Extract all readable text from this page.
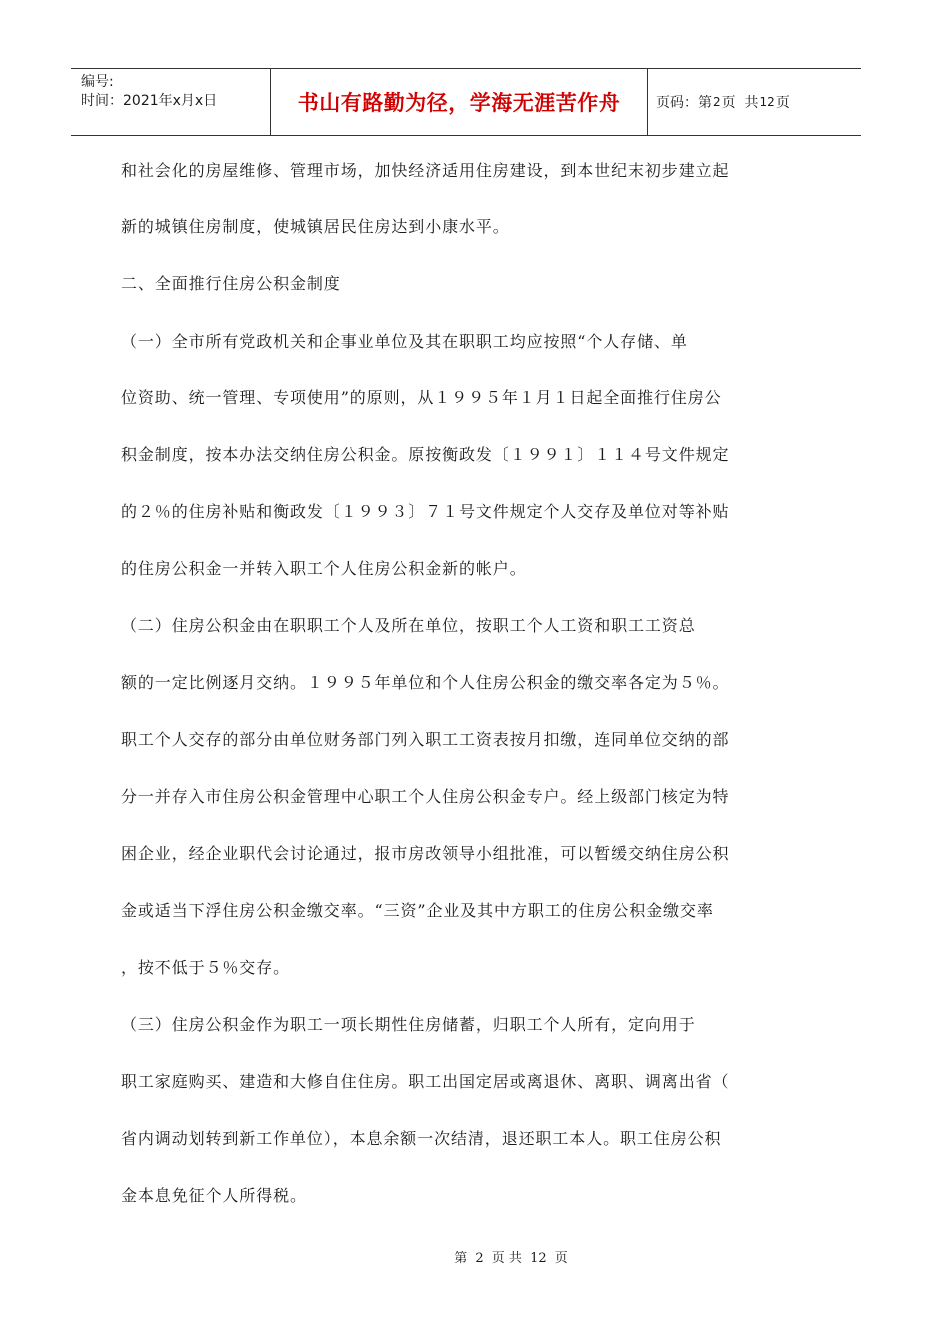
编号:
时间：2021年x月x日	书山有路勤为径，学海无涯苦作舟	页码：第 2 页  共 12 页
和社会化的房屋维修、管理市场，加快经济适用住房建设，到本世纪末初步建立起
新的城镇住房制度，使城镇居民住房达到小康水平。
二、全面推行住房公积金制度
（一）全市所有党政机关和企事业单位及其在职职工均应按照“个人存储、单
位资助、统一管理、专项使用”的原则，从１９９５年１月１日起全面推行住房公
积金制度，按本办法交纳住房公积金。原按衡政发〔１９９１〕１１４号文件规定
的２％的住房补贴和衡政发〔１９９３〕７１号文件规定个人交存及单位对等补贴
的住房公积金一并转入职工个人住房公积金新的帐户。
（二）住房公积金由在职职工个人及所在单位，按职工个人工资和职工工资总
额的一定比例逐月交纳。１９９５年单位和个人住房公积金的缴交率各定为５％。
职工个人交存的部分由单位财务部门列入职工工资表按月扣缴，连同单位交纳的部
分一并存入市住房公积金管理中心职工个人住房公积金专户。经上级部门核定为特
困企业，经企业职代会讨论通过，报市房改领导小组批准，可以暂缓交纳住房公积
金或适当下浮住房公积金缴交率。“三资”企业及其中方职工的住房公积金缴交率
，按不低于５％交存。
（三）住房公积金作为职工一项长期性住房储蓄，归职工个人所有，定向用于
职工家庭购买、建造和大修自住住房。职工出国定居或离退休、离职、调离出省（
省内调动划转到新工作单位），本息余额一次结清，退还职工本人。职工住房公积
金本息免征个人所得税。
第 2 页 共 12 页
